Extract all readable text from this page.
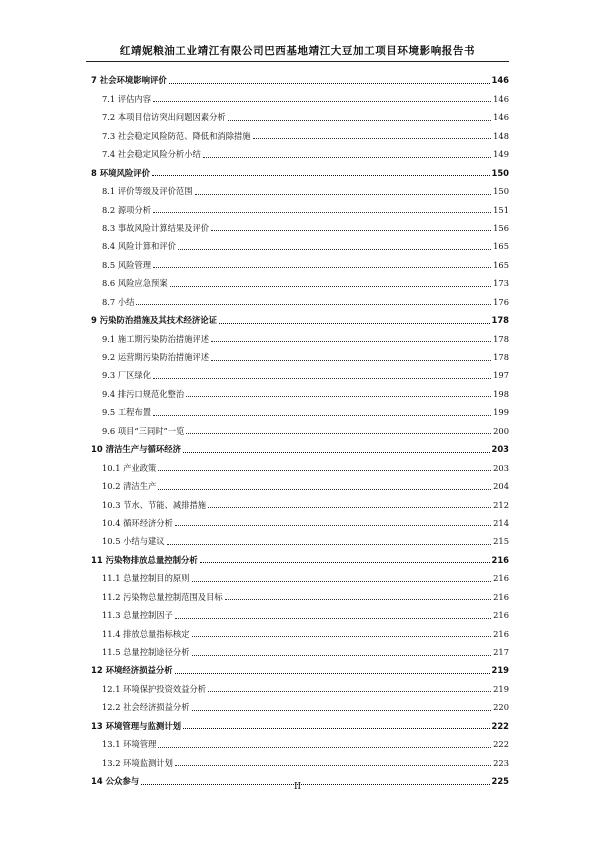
红靖妮粮油工业靖江有限公司巴西基地靖江大豆加工项目环境影响报告书
7 社会环境影响评价	146
7.1 评估内容	146
7.2 本项目信访突出问题因素分析	146
7.3 社会稳定风险防范、降低和消除措施	148
7.4 社会稳定风险分析小结	149
8 环境风险评价	150
8.1 评价等级及评价范围	150
8.2 源项分析	151
8.3 事故风险计算结果及评价	156
8.4 风险计算和评价	165
8.5 风险管理	165
8.6 风险应急预案	173
8.7 小结	176
9 污染防治措施及其技术经济论证	178
9.1 施工期污染防治措施评述	178
9.2 运营期污染防治措施评述	178
9.3 厂区绿化	197
9.4 排污口规范化整治	198
9.5 工程布置	199
9.6 项目“三同时”一览	200
10 清洁生产与循环经济	203
10.1 产业政策	203
10.2 清洁生产	204
10.3 节水、节能、减排措施	212
10.4 循环经济分析	214
10.5 小结与建议	215
11 污染物排放总量控制分析	216
11.1 总量控制目的原则	216
11.2 污染物总量控制范围及目标	216
11.3 总量控制因子	216
11.4 排放总量指标核定	216
11.5 总量控制途径分析	217
12 环境经济损益分析	219
12.1 环境保护投资效益分析	219
12.2 社会经济损益分析	220
13 环境管理与监测计划	222
13.1 环境管理	222
13.2 环境监测计划	223
14 公众参与	225
II
